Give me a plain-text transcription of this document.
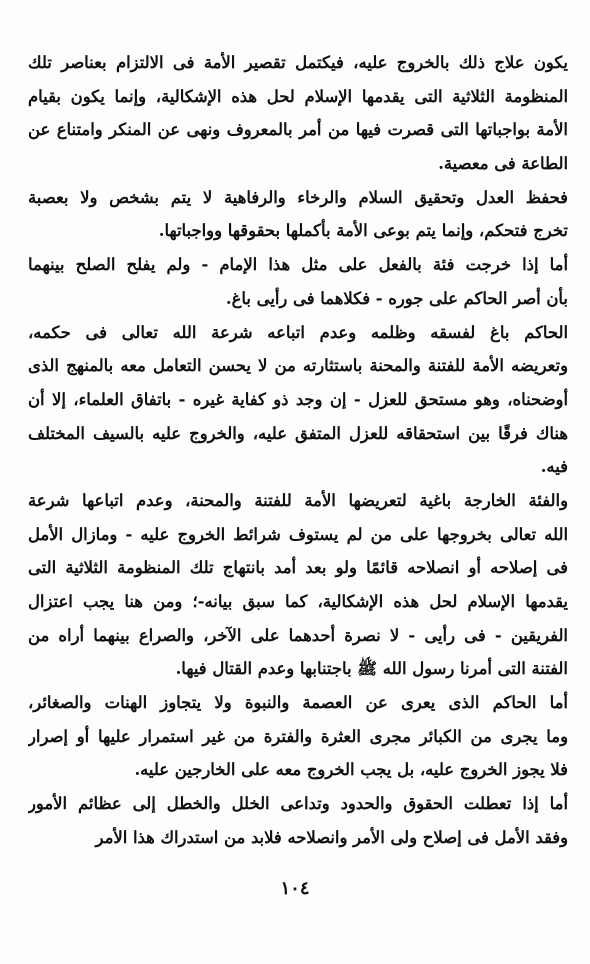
يكون علاج ذلك بالخروج عليه، فيكتمل تقصير الأمة فى الالتزام بعناصر تلك
المنظومة الثلاثية التى يقدمها الإسلام لحل هذه الإشكالية، وإنما يكون بقيام
الأمة بواجباتها التى قصرت فيها من أمر بالمعروف ونهى عن المنكر وامتناع عن
الطاعة فى معصية.
فحفظ العدل وتحقيق السلام والرخاء والرفاهية لا يتم بشخص ولا بعصبة
تخرج فتحكم، وإنما يتم بوعى الأمة بأكملها بحقوقها وواجباتها.
أما إذا خرجت فئة بالفعل على مثل هذا الإمام - ولم يفلح الصلح بينهما
بأن أصر الحاكم على جوره - فكلاهما فى رأيى باغ.
الحاكم باغ لفسقه وظلمه وعدم اتباعه شرعة الله تعالى فى حكمه،
وتعريضه الأمة للفتنة والمحنة باستثارته من لا يحسن التعامل معه بالمنهج الذى
أوضحناه، وهو مستحق للعزل - إن وجد ذو كفاية غيره - باتفاق العلماء، إلا أن
هناك فرقًا بين استحقاقه للعزل المتفق عليه، والخروج عليه بالسيف المختلف
فيه.
والفئة الخارجة باغية لتعريضها الأمة للفتنة والمحنة، وعدم اتباعها شرعة
الله تعالى بخروجها على من لم يستوف شرائط الخروج عليه - ومازال الأمل
فى إصلاحه أو انصلاحه قائمًا ولو بعد أمد بانتهاج تلك المنظومة الثلاثية التى
يقدمها الإسلام لحل هذه الإشكالية، كما سبق بيانه-؛ ومن هنا يجب اعتزال
الفريقين - فى رأيى - لا نصرة أحدهما على الآخر، والصراع بينهما أراه من
الفتنة التى أمرنا رسول الله ﷺ باجتنابها وعدم القتال فيها.
أما الحاكم الذى يعرى عن العصمة والنبوة ولا يتجاوز الهنات والصغائر،
وما يجرى من الكبائر مجرى العثرة والفترة من غير استمرار عليها أو إصرار
فلا يجوز الخروج عليه، بل يجب الخروج معه على الخارجين عليه.
أما إذا تعطلت الحقوق والحدود وتداعى الخلل والخطل إلى عظائم الأمور
وفقد الأمل فى إصلاح ولى الأمر وانصلاحه فلابد من استدراك هذا الأمر
١٠٤
